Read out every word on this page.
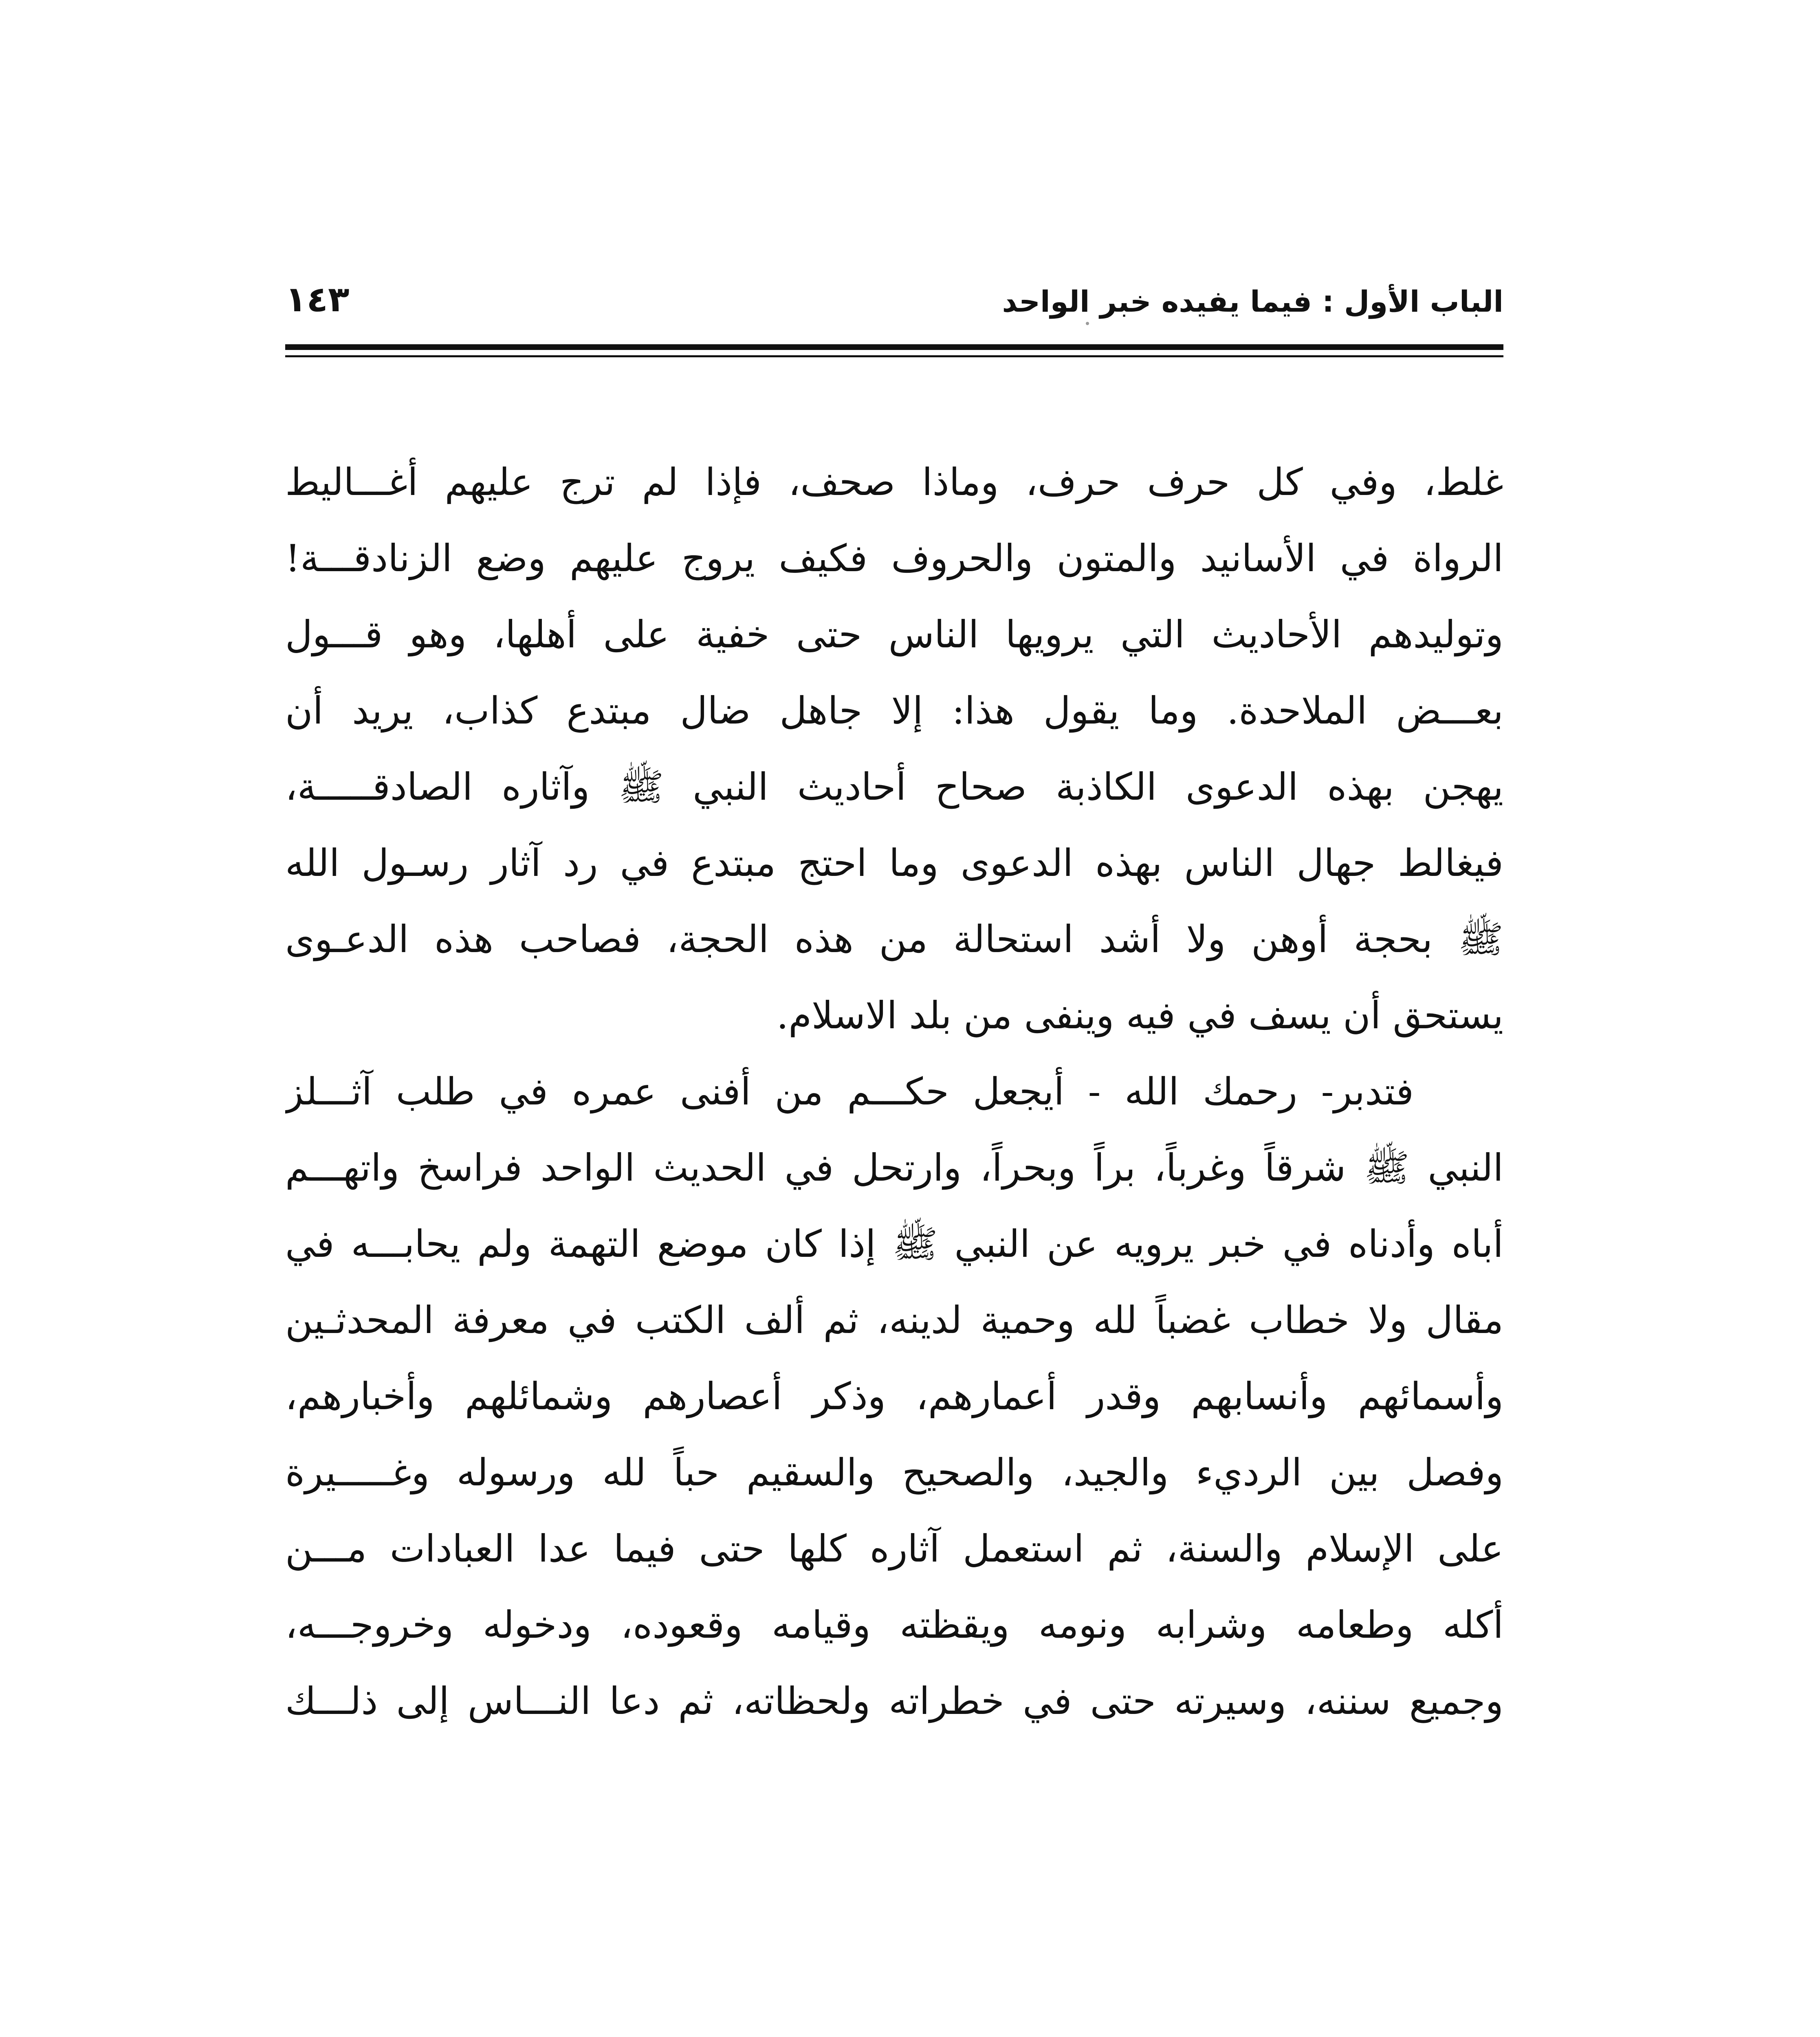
الباب الأول : فيما يفيده خبر الواحد
١٤٣
غلط، وفي كل حرف حرف، وماذا صحف، فإذا لم ترج عليهم أغـــاليط
الرواة في الأسانيد والمتون والحروف فكيف يروج عليهم وضع الزنادقـــة!
وتوليدهم الأحاديث التي يرويها الناس حتى خفية على أهلها، وهو قـــول
بعـــض الملاحدة. وما يقول هذا: إلا جاهل ضال مبتدع كذاب، يريد أن
يهجن بهذه الدعوى الكاذبة صحاح أحاديث النبي ﷺ وآثاره الصادقـــــة،
فيغالط جهال الناس بهذه الدعوى وما احتج مبتدع في رد آثار رسـول الله
ﷺ بحجة أوهن ولا أشد استحالة من هذه الحجة، فصاحب هذه الدعـوى
يستحق أن يسف في فيه وينفى من بلد الاسلام.
فتدبر- رحمك الله - أيجعل حكـــم من أفنى عمره في طلب آثـــلز
النبي ﷺ شرقاً وغرباً، براً وبحراً، وارتحل في الحديث الواحد فراسخ واتهـــم
أباه وأدناه في خبر يرويه عن النبي ﷺ إذا كان موضع التهمة ولم يحابـــه في
مقال ولا خطاب غضباً لله وحمية لدينه، ثم ألف الكتب في معرفة المحدثـين
وأسمائهم وأنسابهم وقدر أعمارهم، وذكر أعصارهم وشمائلهم وأخبارهم،
وفصل بين الرديء والجيد، والصحيح والسقيم حباً لله ورسوله وغـــــيرة
على الإسلام والسنة، ثم استعمل آثاره كلها حتى فيما عدا العبادات مـــن
أكله وطعامه وشرابه ونومه ويقظته وقيامه وقعوده، ودخوله وخروجـــه،
وجميع سننه، وسيرته حتى في خطراته ولحظاته، ثم دعا النـــاس إلى ذلـــك
